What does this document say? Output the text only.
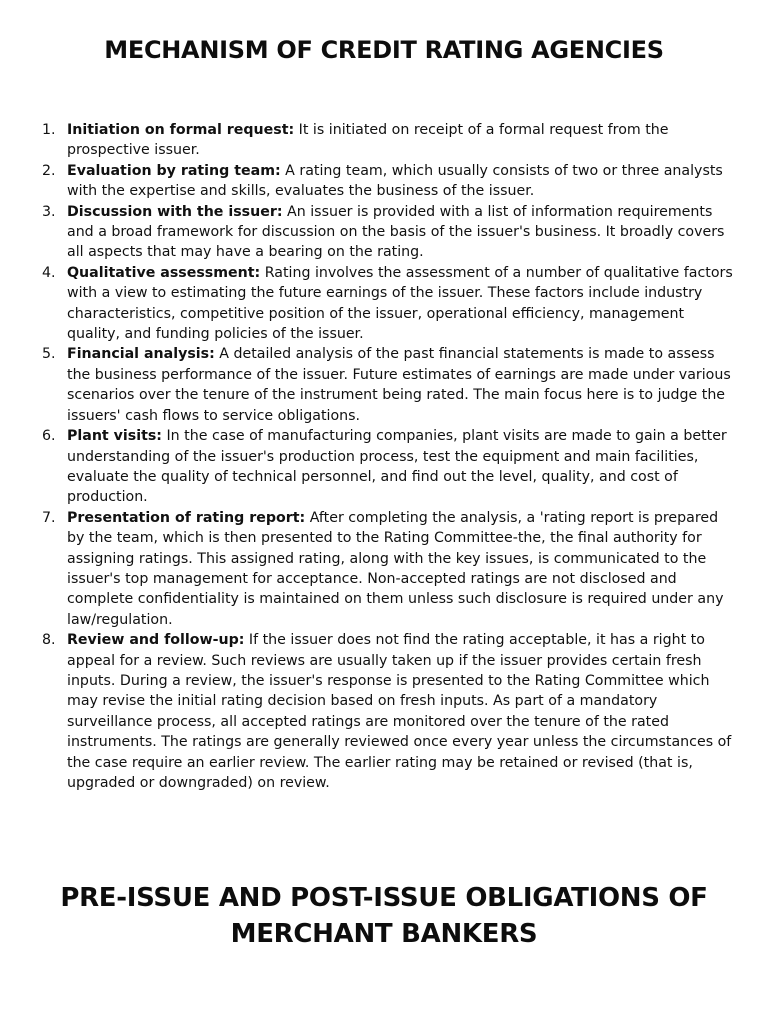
MECHANISM OF CREDIT RATING AGENCIES
1. Initiation on formal request: It is initiated on receipt of a formal request from the prospective issuer.
2. Evaluation by rating team: A rating team, which usually consists of two or three analysts with the expertise and skills, evaluates the business of the issuer.
3. Discussion with the issuer: An issuer is provided with a list of information requirements and a broad framework for discussion on the basis of the issuer's business. It broadly covers all aspects that may have a bearing on the rating.
4. Qualitative assessment: Rating involves the assessment of a number of qualitative factors with a view to estimating the future earnings of the issuer. These factors include industry characteristics, competitive position of the issuer, operational efficiency, management quality, and funding policies of the issuer.
5. Financial analysis: A detailed analysis of the past financial statements is made to assess the business performance of the issuer. Future estimates of earnings are made under various scenarios over the tenure of the instrument being rated. The main focus here is to judge the issuers' cash flows to service obligations.
6. Plant visits: In the case of manufacturing companies, plant visits are made to gain a better understanding of the issuer's production process, test the equipment and main facilities, evaluate the quality of technical personnel, and find out the level, quality, and cost of production.
7. Presentation of rating report: After completing the analysis, a 'rating report is prepared by the team, which is then presented to the Rating Committee-the, the final authority for assigning ratings. This assigned rating, along with the key issues, is communicated to the issuer's top management for acceptance. Non-accepted ratings are not disclosed and complete confidentiality is maintained on them unless such disclosure is required under any law/regulation.
8. Review and follow-up: If the issuer does not find the rating acceptable, it has a right to appeal for a review. Such reviews are usually taken up if the issuer provides certain fresh inputs. During a review, the issuer's response is presented to the Rating Committee which may revise the initial rating decision based on fresh inputs. As part of a mandatory surveillance process, all accepted ratings are monitored over the tenure of the rated instruments. The ratings are generally reviewed once every year unless the circumstances of the case require an earlier review. The earlier rating may be retained or revised (that is, upgraded or downgraded) on review.
PRE-ISSUE AND POST-ISSUE OBLIGATIONS OF
MERCHANT BANKERS
